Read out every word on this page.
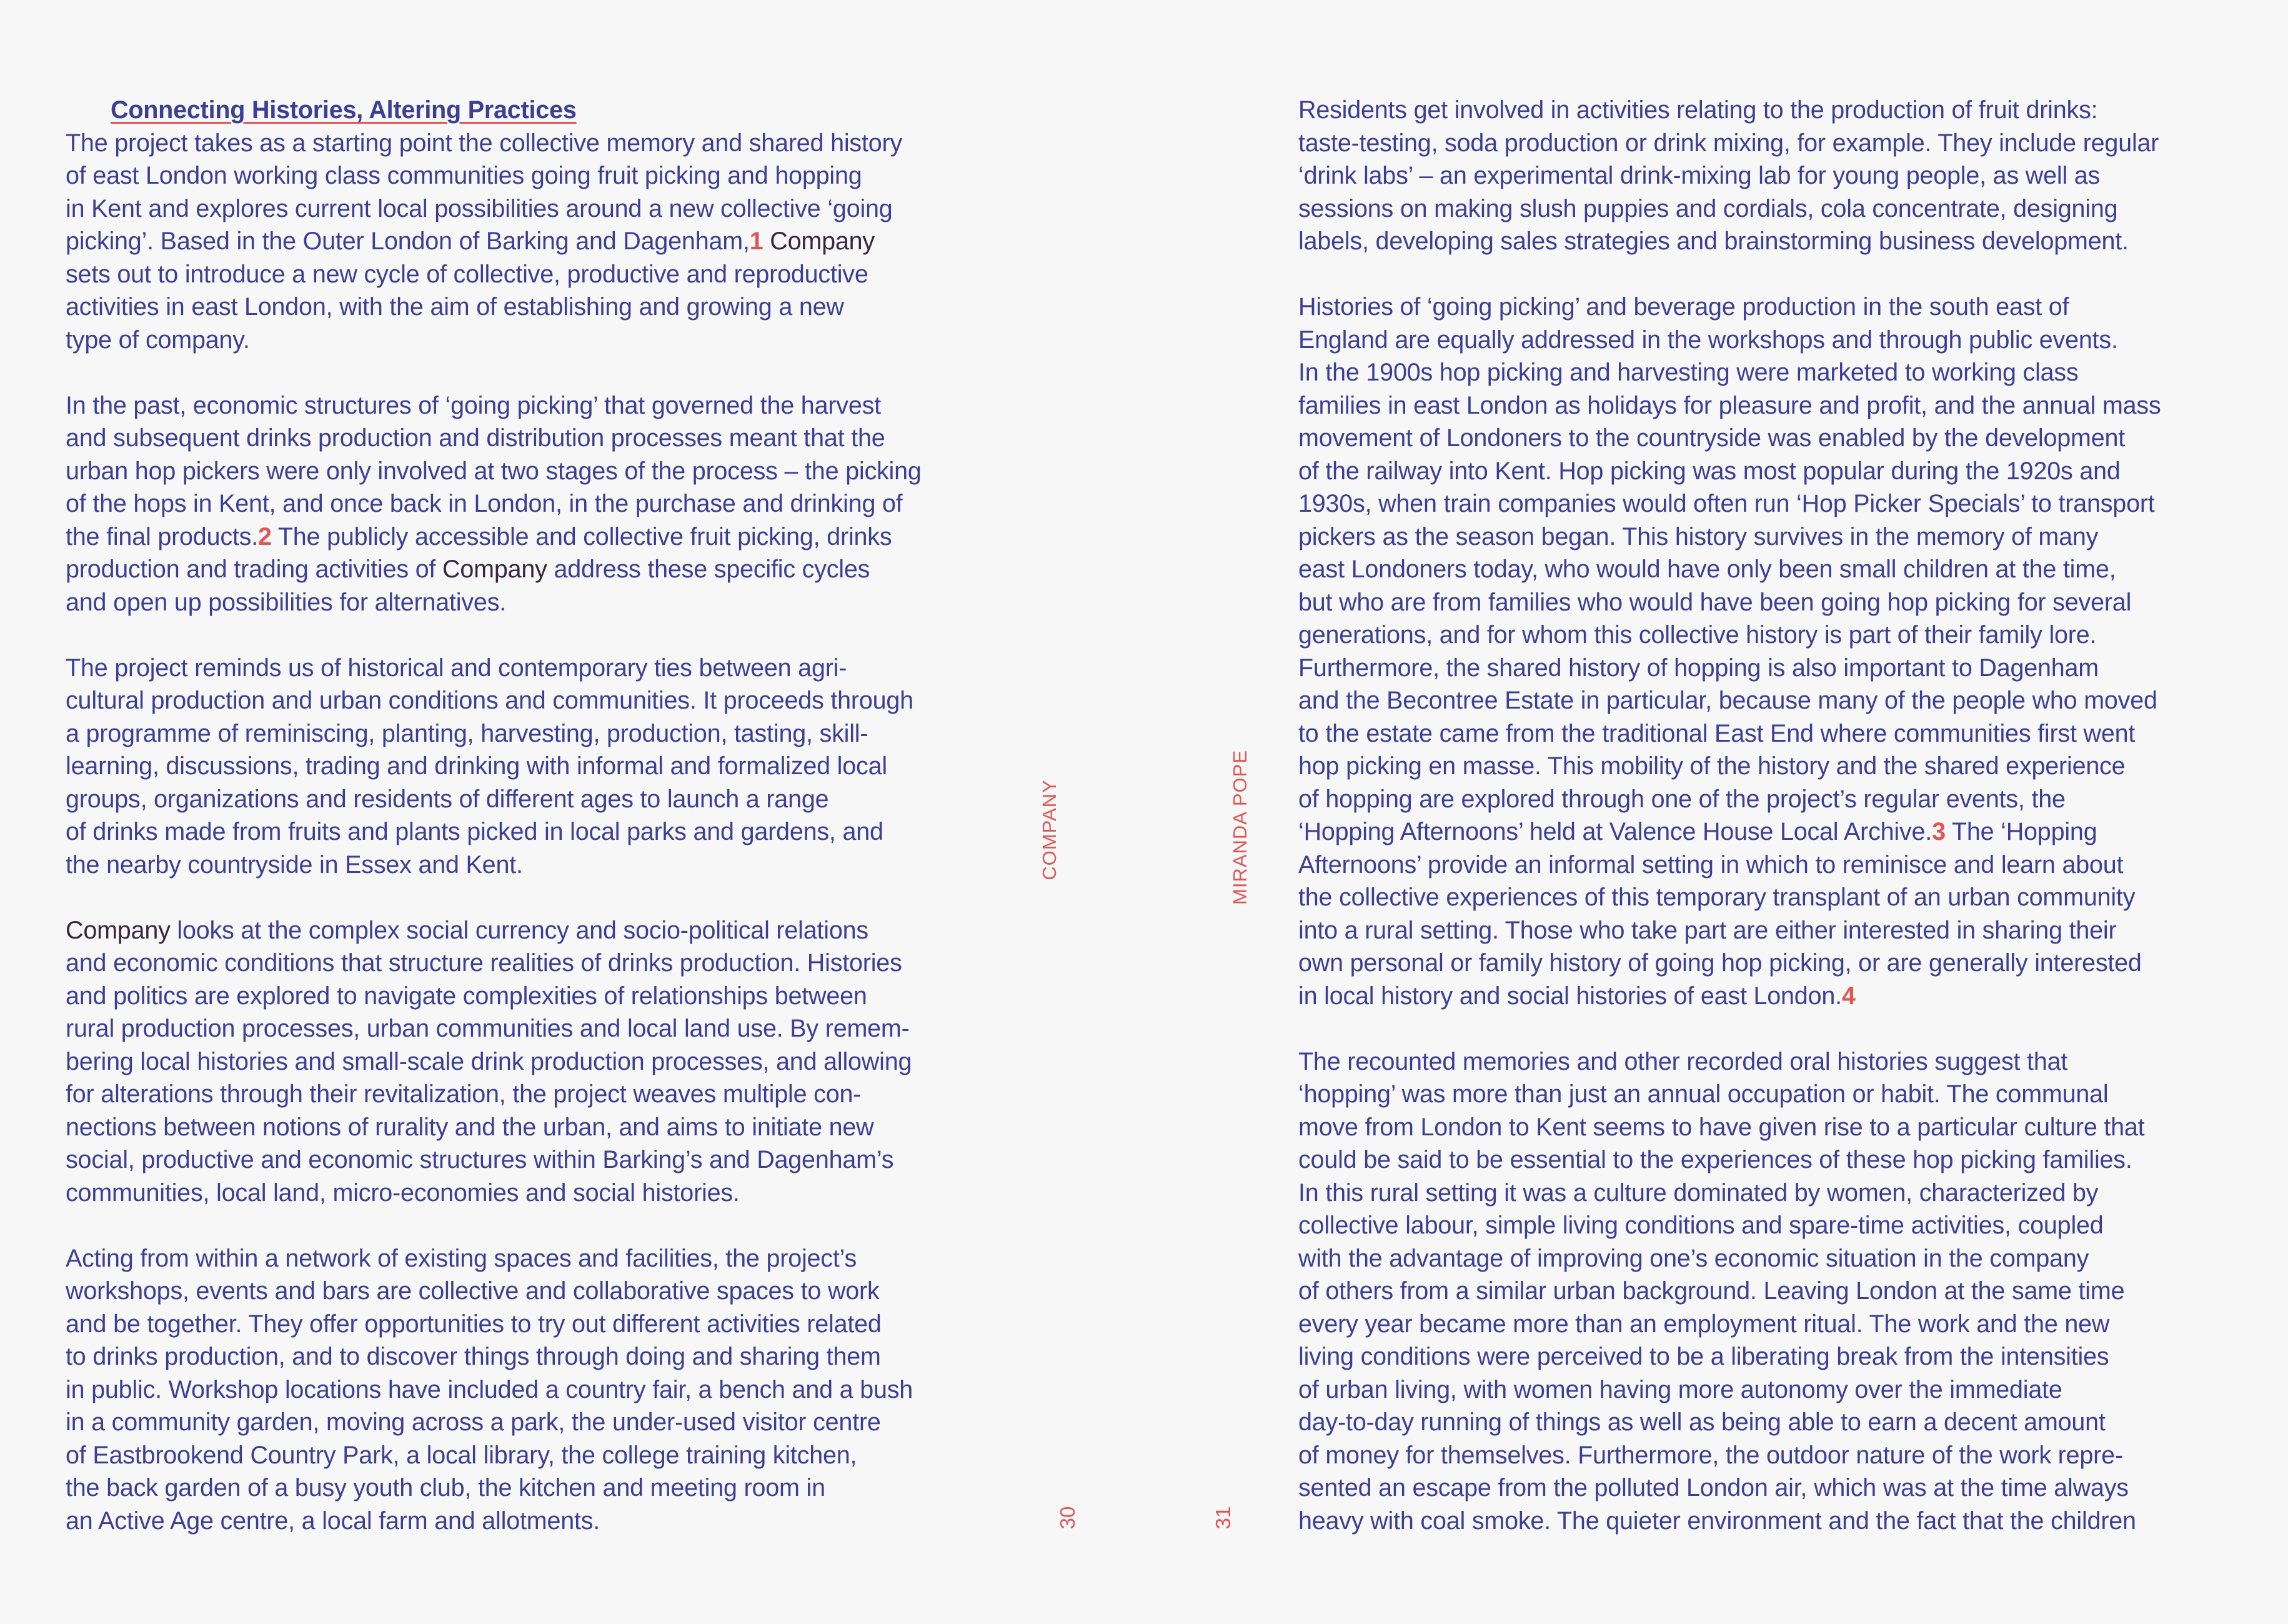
Connecting Histories, Altering Practices
The project takes as a starting point the collective memory and shared history
of east London working class communities going fruit picking and hopping
in Kent and explores current local possibilities around a new collective ‘going
picking’. Based in the Outer London of Barking and Dagenham,1 Company
sets out to introduce a new cycle of collective, productive and reproductive
activities in east London, with the aim of establishing and growing a new
type of company.
In the past, economic structures of ‘going picking’ that governed the harvest
and subsequent drinks production and distribution processes meant that the
urban hop pickers were only involved at two stages of the process – the picking
of the hops in Kent, and once back in London, in the purchase and drinking of
the final products.2 The publicly accessible and collective fruit picking, drinks
production and trading activities of Company address these specific cycles
and open up possibilities for alternatives.
The project reminds us of historical and contemporary ties between agri-
cultural production and urban conditions and communities. It proceeds through
a programme of reminiscing, planting, harvesting, production, tasting, skill-
learning, discussions, trading and drinking with informal and formalized local
groups, organizations and residents of different ages to launch a range
of drinks made from fruits and plants picked in local parks and gardens, and
the nearby countryside in Essex and Kent.
Company looks at the complex social currency and socio-political relations
and economic conditions that structure realities of drinks production. Histories
and politics are explored to navigate complexities of relationships between
rural production processes, urban communities and local land use. By remem-
bering local histories and small-scale drink production processes, and allowing
for alterations through their revitalization, the project weaves multiple con-
nections between notions of rurality and the urban, and aims to initiate new
social, productive and economic structures within Barking’s and Dagenham’s
communities, local land, micro-economies and social histories.
Acting from within a network of existing spaces and facilities, the project’s
workshops, events and bars are collective and collaborative spaces to work
and be together. They offer opportunities to try out different activities related
to drinks production, and to discover things through doing and sharing them
in public. Workshop locations have included a country fair, a bench and a bush
in a community garden, moving across a park, the under-used visitor centre
of Eastbrookend Country Park, a local library, the college training kitchen,
the back garden of a busy youth club, the kitchen and meeting room in
an Active Age centre, a local farm and allotments.
Residents get involved in activities relating to the production of fruit drinks:
taste-testing, soda production or drink mixing, for example. They include regular
‘drink labs’ – an experimental drink-mixing lab for young people, as well as
sessions on making slush puppies and cordials, cola concentrate, designing
labels, developing sales strategies and brainstorming business development.
Histories of ‘going picking’ and beverage production in the south east of
England are equally addressed in the workshops and through public events.
In the 1900s hop picking and harvesting were marketed to working class
families in east London as holidays for pleasure and profit, and the annual mass
movement of Londoners to the countryside was enabled by the development
of the railway into Kent. Hop picking was most popular during the 1920s and
1930s, when train companies would often run ‘Hop Picker Specials’ to transport
pickers as the season began. This history survives in the memory of many
east Londoners today, who would have only been small children at the time,
but who are from families who would have been going hop picking for several
generations, and for whom this collective history is part of their family lore.
Furthermore, the shared history of hopping is also important to Dagenham
and the Becontree Estate in particular, because many of the people who moved
to the estate came from the traditional East End where communities first went
hop picking en masse. This mobility of the history and the shared experience
of hopping are explored through one of the project’s regular events, the
‘Hopping Afternoons’ held at Valence House Local Archive.3 The ‘Hopping
Afternoons’ provide an informal setting in which to reminisce and learn about
the collective experiences of this temporary transplant of an urban community
into a rural setting. Those who take part are either interested in sharing their
own personal or family history of going hop picking, or are generally interested
in local history and social histories of east London.4
The recounted memories and other recorded oral histories suggest that
‘hopping’ was more than just an annual occupation or habit. The communal
move from London to Kent seems to have given rise to a particular culture that
could be said to be essential to the experiences of these hop picking families.
In this rural setting it was a culture dominated by women, characterized by
collective labour, simple living conditions and spare-time activities, coupled
with the advantage of improving one’s economic situation in the company
of others from a similar urban background. Leaving London at the same time
every year became more than an employment ritual. The work and the new
living conditions were perceived to be a liberating break from the intensities
of urban living, with women having more autonomy over the immediate
day-to-day running of things as well as being able to earn a decent amount
of money for themselves. Furthermore, the outdoor nature of the work repre-
sented an escape from the polluted London air, which was at the time always
heavy with coal smoke. The quieter environment and the fact that the children
COMPANY	MIRANDA POPE
30	31
